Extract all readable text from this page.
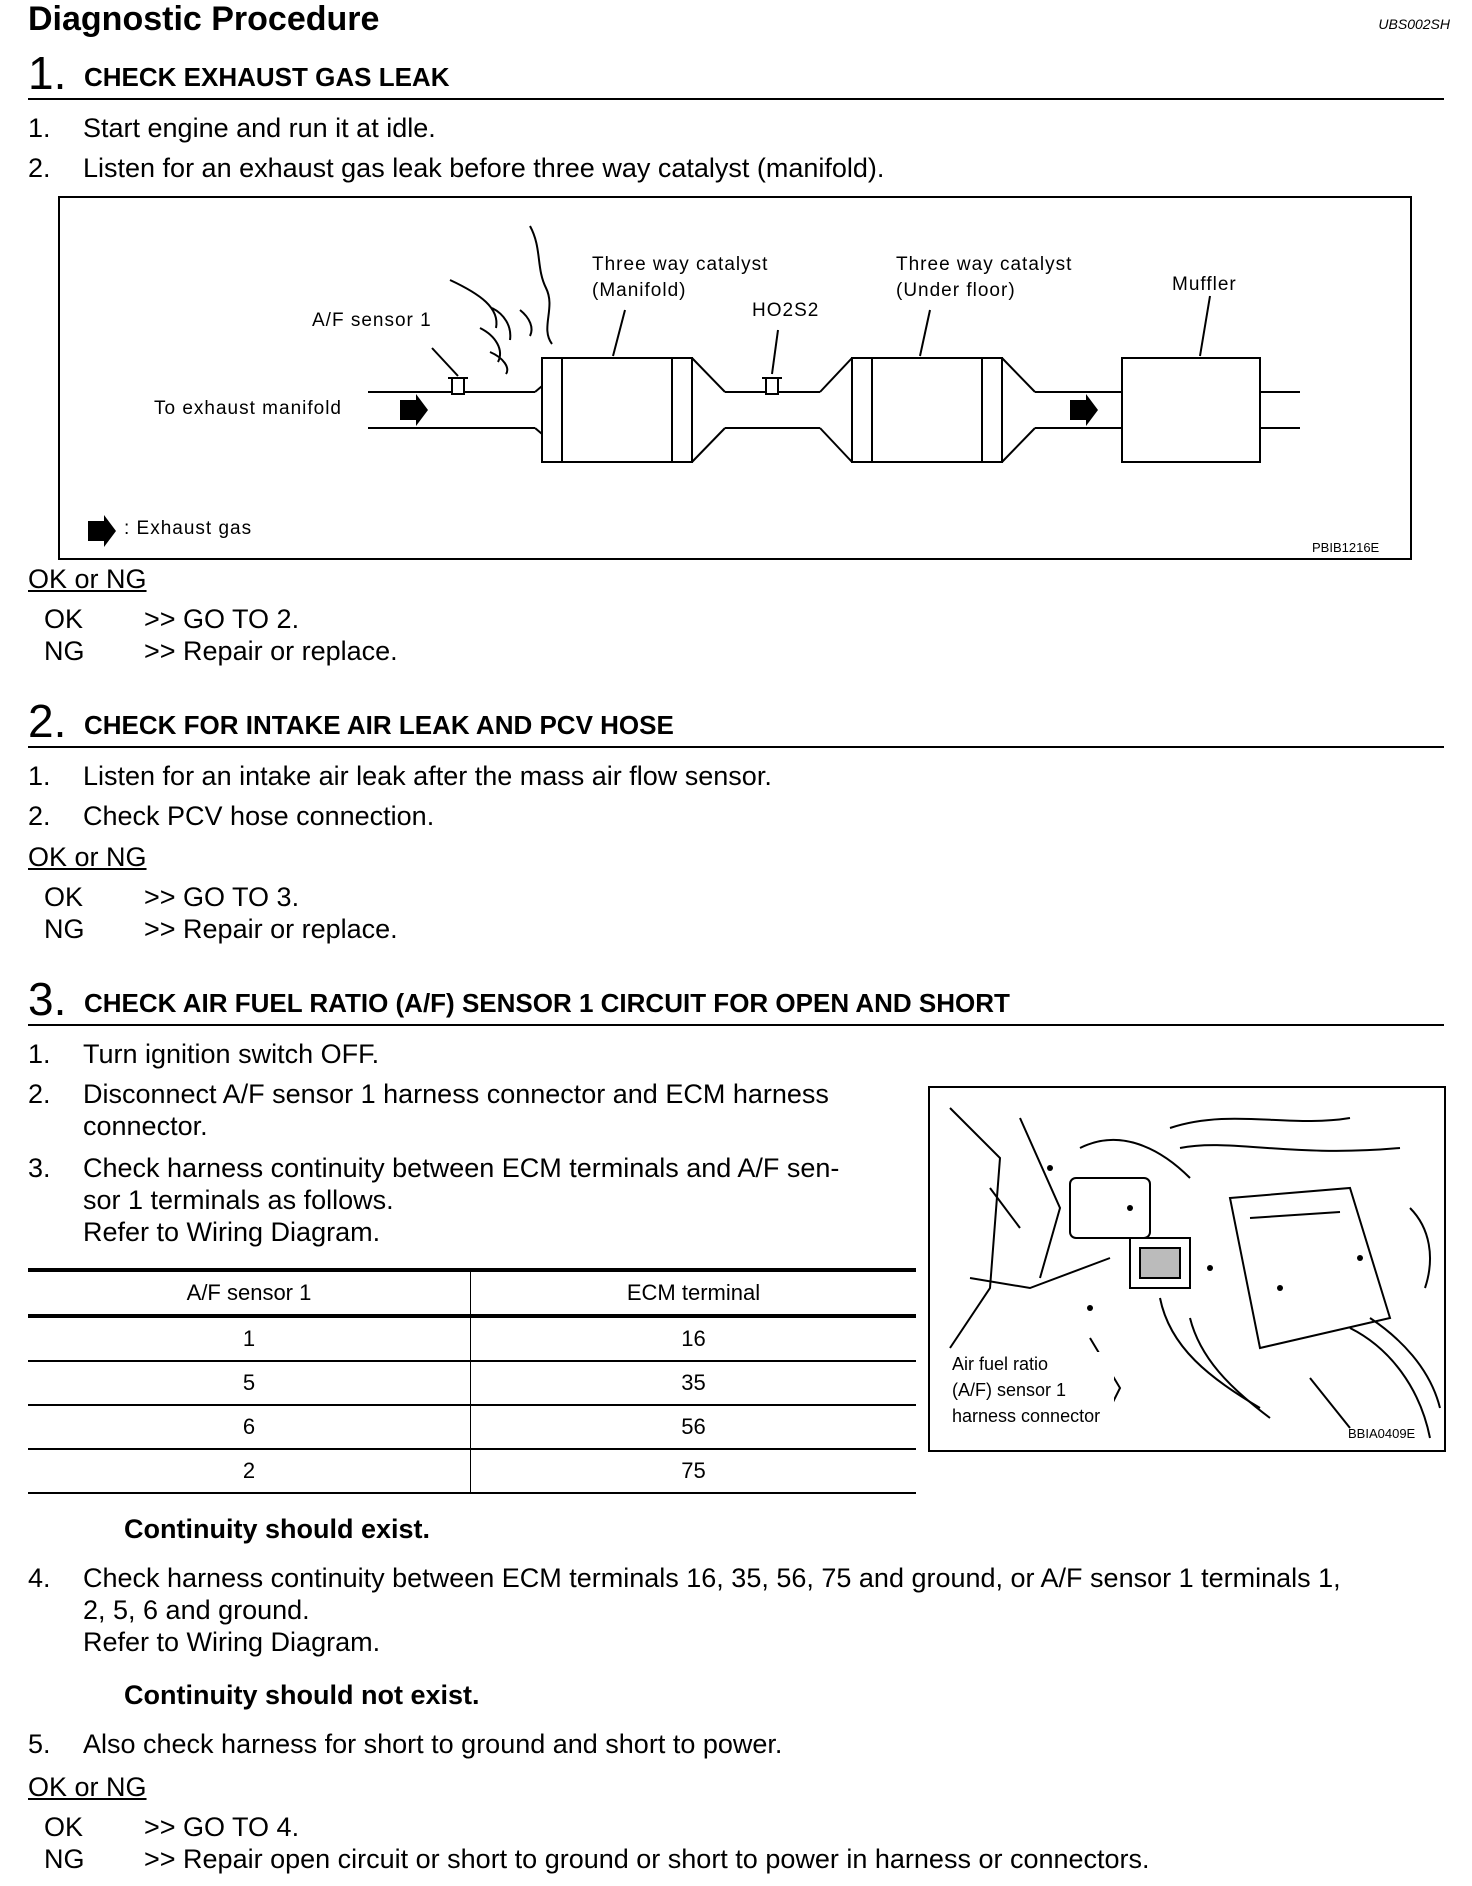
Diagnostic Procedure	UBS002SH
1. CHECK EXHAUST GAS LEAK
1. Start engine and run it at idle.
2. Listen for an exhaust gas leak before three way catalyst (manifold).
A/F sensor 1
Three way catalyst
(Manifold)
HO2S2
Three way catalyst
(Under floor)	Muffler
To exhaust manifold
: Exhaust gas
PBIB1216E
OK or NG
OK >> GO TO 2.
NG >> Repair or replace.
2. CHECK FOR INTAKE AIR LEAK AND PCV HOSE
1. Listen for an intake air leak after the mass air flow sensor.
2. Check PCV hose connection.
OK or NG
OK >> GO TO 3.
NG >> Repair or replace.
3. CHECK AIR FUEL RATIO (A/F) SENSOR 1 CIRCUIT FOR OPEN AND SHORT
1. Turn ignition switch OFF.
2. Disconnect A/F sensor 1 harness connector and ECM harness
connector.
3. Check harness continuity between ECM terminals and A/F sen-
sor 1 terminals as follows.
Refer to Wiring Diagram.
Air fuel ratio
(A/F) sensor 1
harness connector
BBIA0409E
A/F sensor 1	ECM terminal
1	16
5	35
6	56
2	75
Continuity should exist.
4. Check harness continuity between ECM terminals 16, 35, 56, 75 and ground, or A/F sensor 1 terminals 1,
2, 5, 6 and ground.
Refer to Wiring Diagram.
Continuity should not exist.
5. Also check harness for short to ground and short to power.
OK or NG
OK >> GO TO 4.
NG >> Repair open circuit or short to ground or short to power in harness or connectors.
